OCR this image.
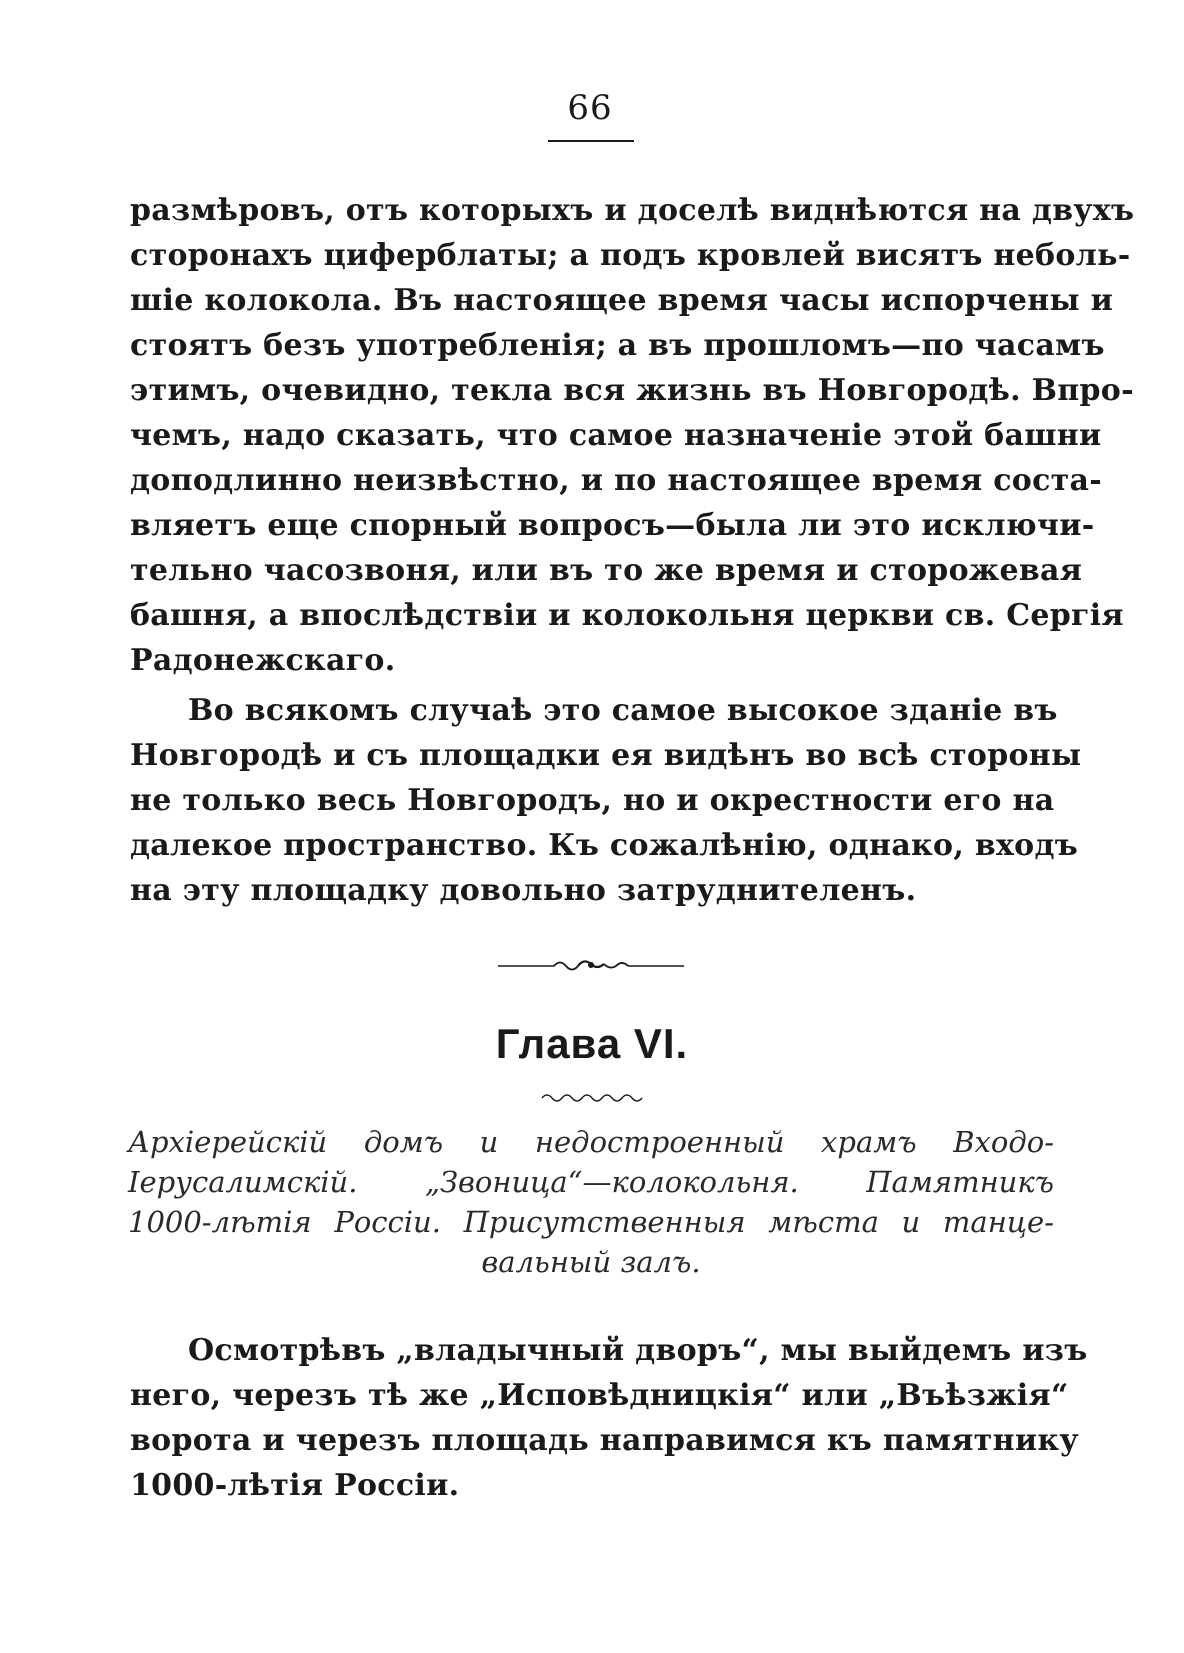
66
размѣровъ, отъ которыхъ и доселѣ виднѣются на двухъ
сторонахъ циферблаты; а подъ кровлей висятъ неболь-
шіе колокола. Въ настоящее время часы испорчены и
стоятъ безъ употребленія; а въ прошломъ—по часамъ
этимъ, очевидно, текла вся жизнь въ Новгородѣ. Впро-
чемъ, надо сказать, что самое назначеніе этой башни
доподлинно неизвѣстно, и по настоящее время соста-
вляетъ еще спорный вопросъ—была ли это исключи-
тельно часозвоня, или въ то же время и сторожевая
башня, а впослѣдствіи и колокольня церкви св. Сергія
Радонежскаго.
Во всякомъ случаѣ это самое высокое зданіе въ
Новгородѣ и съ площадки ея видѣнъ во всѣ стороны
не только весь Новгородъ, но и окрестности его на
далекое пространство. Къ сожалѣнію, однако, входъ
на эту площадку довольно затруднителенъ.
Глава VI.
Архіерейскій домъ и недостроенный храмъ Входо-
Іерусалимскій. „Звоница“—колокольня. Памятникъ
1000-лѣтія Россіи. Присутственныя мѣста и танце-
вальный залъ.
Осмотрѣвъ „владычный дворъ“, мы выйдемъ изъ
него, черезъ тѣ же „Исповѣдницкія“ или „Въѣзжія“
ворота и черезъ площадь направимся къ памятнику
1000-лѣтія Россіи.
